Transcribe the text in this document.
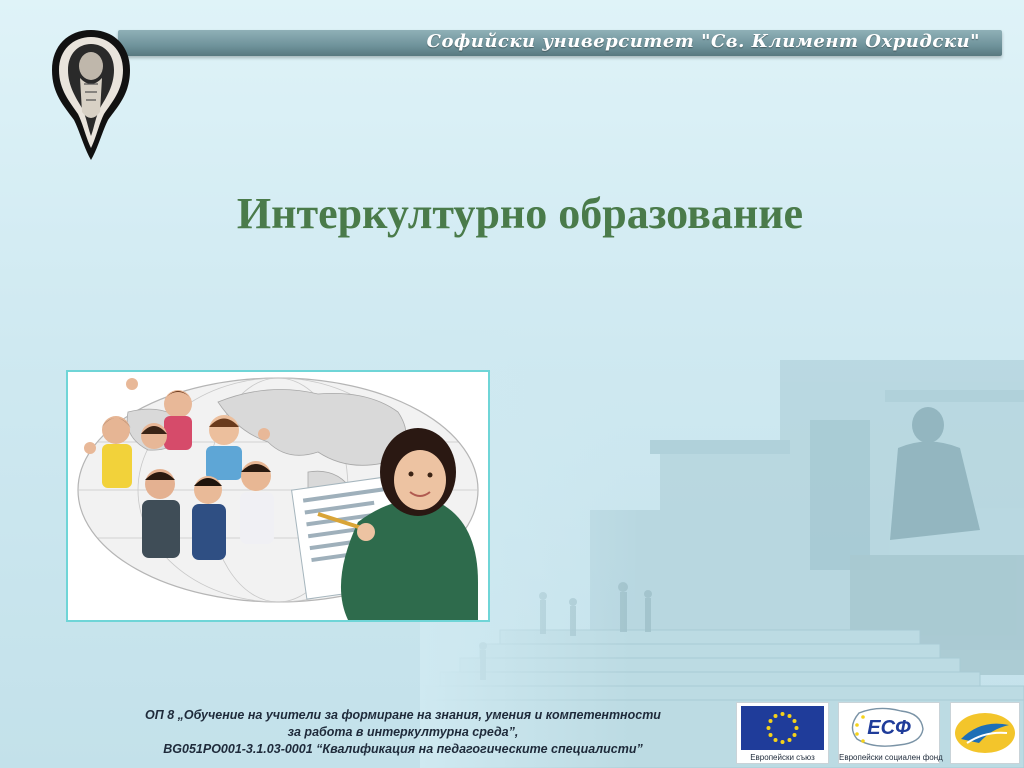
Софийски университет "Св. Климент Охридски"
Интеркултурно образование
ОП 8 „Обучение на учители за формиране на знания, умения и компетентности
за работа в интеркултурна среда”,
BG051PO001-3.1.03-0001 “Квалификация на педагогическите специалисти”
Европейски съюз
ЕСФ
Европейски социален фонд
